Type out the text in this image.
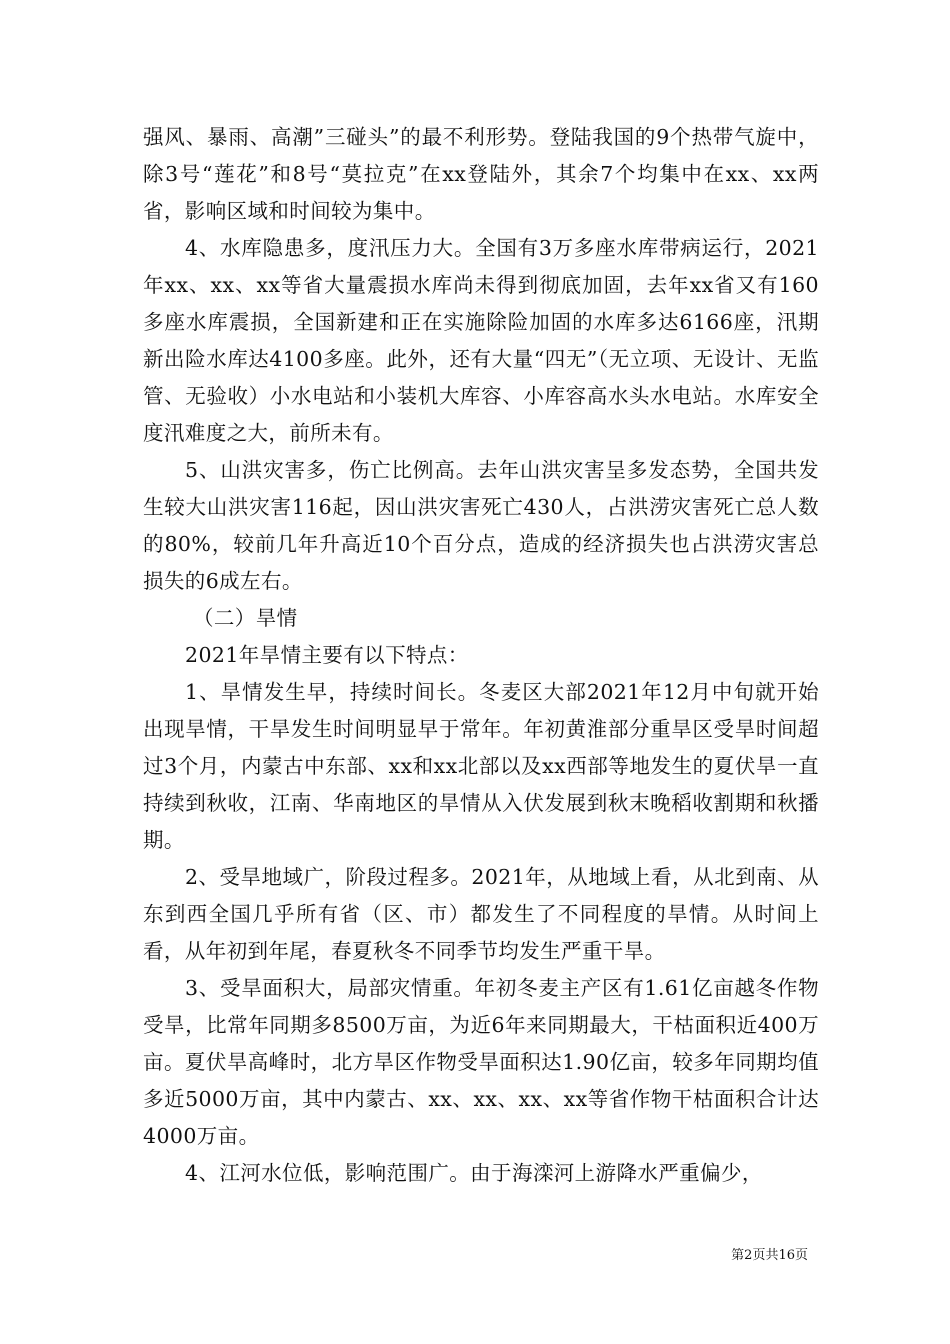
强风、暴雨、高潮”三碰头”的最不利形势。登陆我国的9个热带气旋中，除3号“莲花”和8号“莫拉克”在xx登陆外，其余7个均集中在xx、xx两省，影响区域和时间较为集中。

4、水库隐患多，度汛压力大。全国有3万多座水库带病运行，2021年xx、xx、xx等省大量震损水库尚未得到彻底加固，去年xx省又有160多座水库震损，全国新建和正在实施除险加固的水库多达6166座，汛期新出险水库达4100多座。此外，还有大量“四无”（无立项、无设计、无监管、无验收）小水电站和小装机大库容、小库容高水头水电站。水库安全度汛难度之大，前所未有。

5、山洪灾害多，伤亡比例高。去年山洪灾害呈多发态势，全国共发生较大山洪灾害116起，因山洪灾害死亡430人，占洪涝灾害死亡总人数的80%，较前几年升高近10个百分点，造成的经济损失也占洪涝灾害总损失的6成左右。

（二）旱情

2021年旱情主要有以下特点：

1、旱情发生早，持续时间长。冬麦区大部2021年12月中旬就开始出现旱情，干旱发生时间明显早于常年。年初黄淮部分重旱区受旱时间超过3个月，内蒙古中东部、xx和xx北部以及xx西部等地发生的夏伏旱一直持续到秋收，江南、华南地区的旱情从入伏发展到秋末晚稻收割期和秋播期。

2、受旱地域广，阶段过程多。2021年，从地域上看，从北到南、从东到西全国几乎所有省（区、市）都发生了不同程度的旱情。从时间上看，从年初到年尾，春夏秋冬不同季节均发生严重干旱。

3、受旱面积大，局部灾情重。年初冬麦主产区有1.61亿亩越冬作物受旱，比常年同期多8500万亩，为近6年来同期最大，干枯面积近400万亩。夏伏旱高峰时，北方旱区作物受旱面积达1.90亿亩，较多年同期均值多近5000万亩，其中内蒙古、xx、xx、xx、xx等省作物干枯面积合计达4000万亩。

4、江河水位低，影响范围广。由于海滦河上游降水严重偏少，

第2页共16页
